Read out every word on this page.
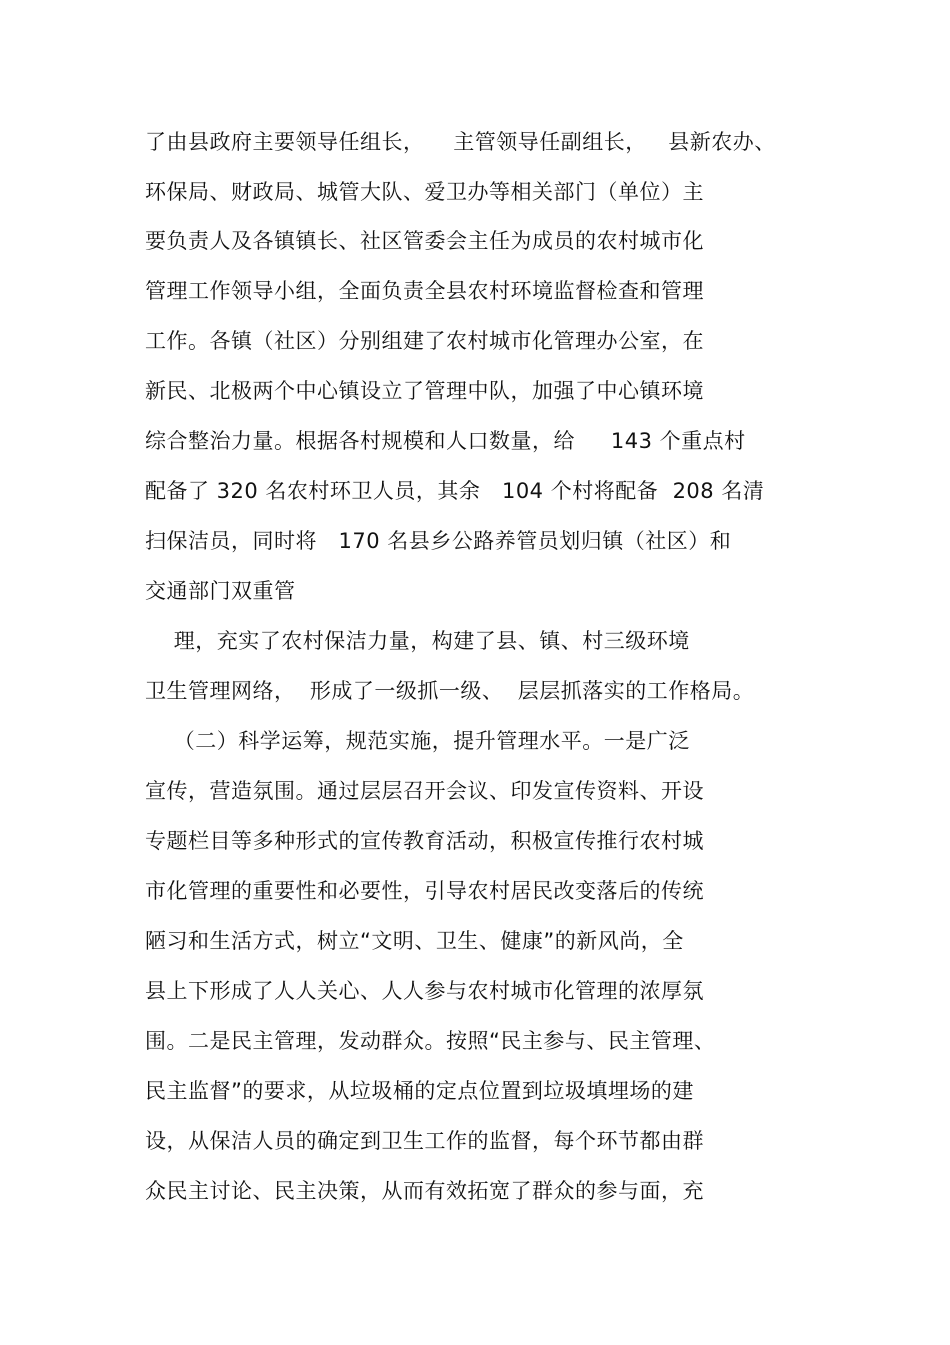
了由县政府主要领导任组长，    主管领导任副组长，   县新农办、
环保局、财政局、城管大队、爱卫办等相关部门（单位）主
要负责人及各镇镇长、社区管委会主任为成员的农村城市化
管理工作领导小组，全面负责全县农村环境监督检查和管理
工作。各镇（社区）分别组建了农村城市化管理办公室，在
新民、北极两个中心镇设立了管理中队，加强了中心镇环境
综合整治力量。根据各村规模和人口数量，给     143 个重点村
配备了 320 名农村环卫人员，其余   104 个村将配备  208 名清
扫保洁员，同时将   170 名县乡公路养管员划归镇（社区）和
交通部门双重管
理，充实了农村保洁力量，构建了县、镇、村三级环境
卫生管理网络，  形成了一级抓一级、  层层抓落实的工作格局。
（二）科学运筹，规范实施，提升管理水平。一是广泛
宣传，营造氛围。通过层层召开会议、印发宣传资料、开设
专题栏目等多种形式的宣传教育活动，积极宣传推行农村城
市化管理的重要性和必要性，引导农村居民改变落后的传统
陋习和生活方式，树立“文明、卫生、健康”的新风尚，全
县上下形成了人人关心、人人参与农村城市化管理的浓厚氛
围。二是民主管理，发动群众。按照“民主参与、民主管理、
民主监督”的要求，从垃圾桶的定点位置到垃圾填埋场的建
设，从保洁人员的确定到卫生工作的监督，每个环节都由群
众民主讨论、民主决策，从而有效拓宽了群众的参与面，充
